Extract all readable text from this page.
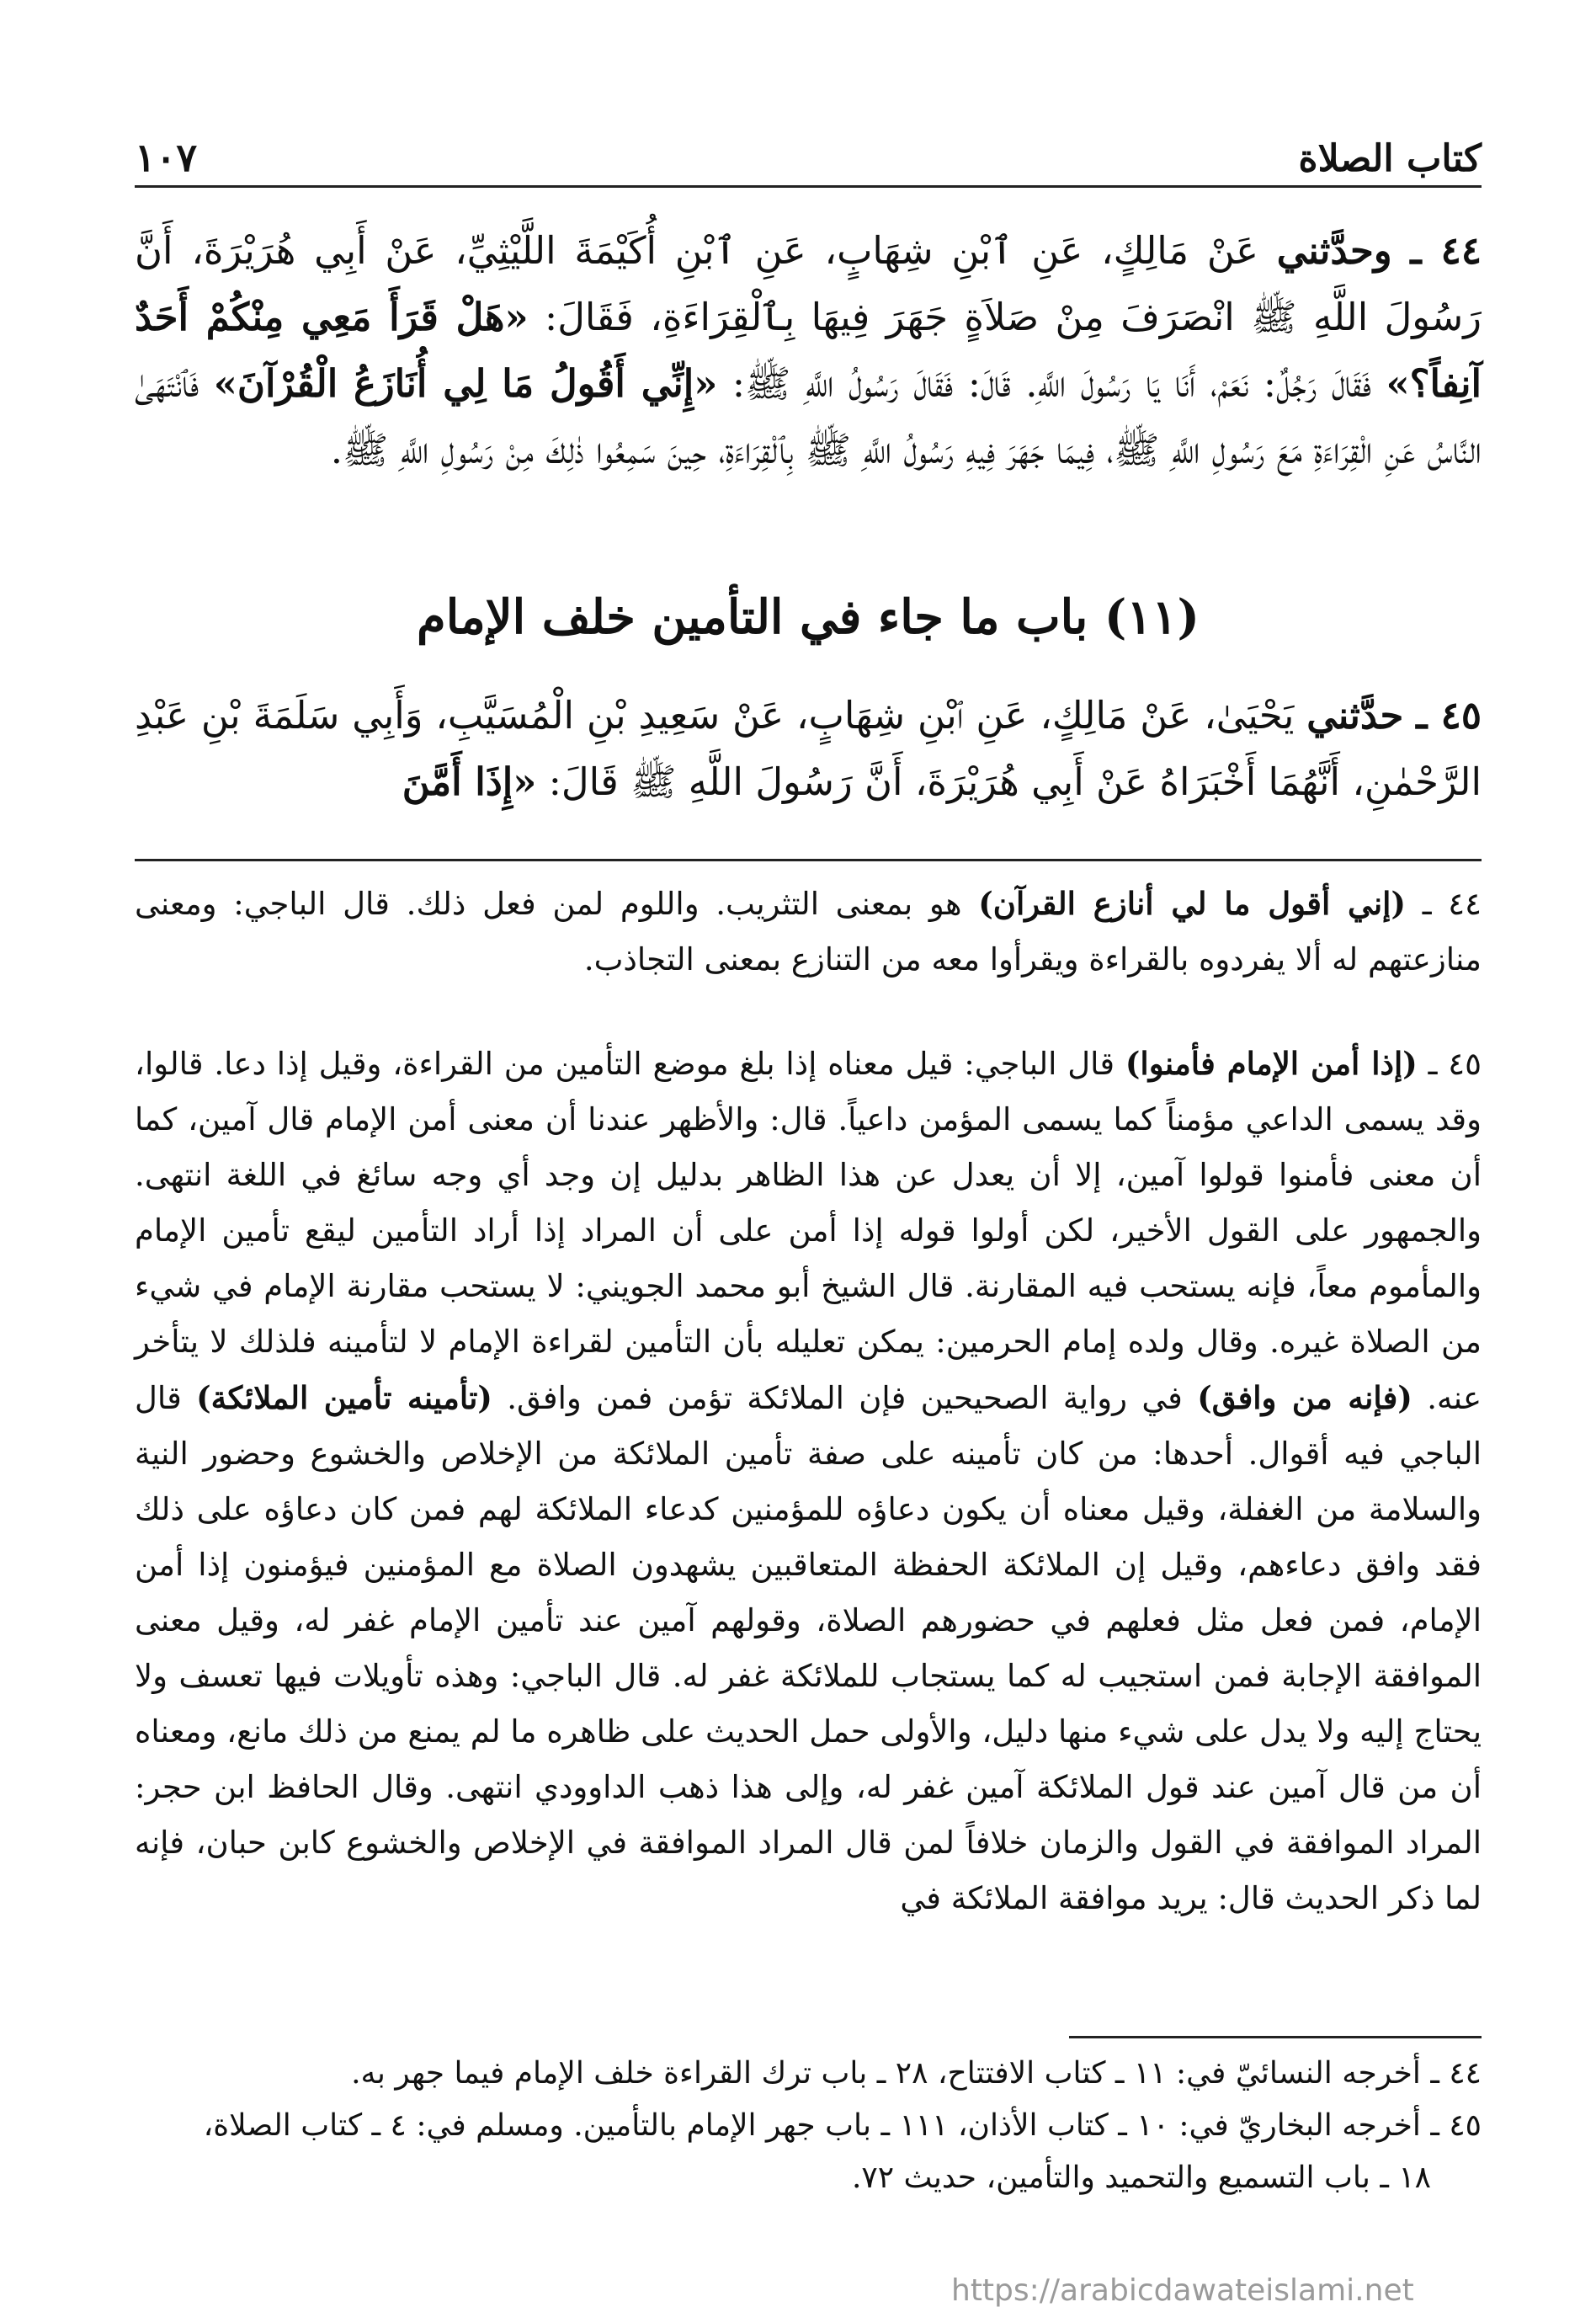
كتاب الصلاة
١٠٧
٤٤ ـ وحدَّثني عَنْ مَالِكٍ، عَنِ ٱبْنِ شِهَابٍ، عَنِ ٱبْنِ أُكَيْمَةَ اللَّيْثِيِّ، عَنْ أَبِي هُرَيْرَةَ، أَنَّ رَسُولَ اللَّهِ ﷺ انْصَرَفَ مِنْ صَلاَةٍ جَهَرَ فِيهَا بِٱلْقِرَاءَةِ، فَقَالَ: «هَلْ قَرَأَ مَعِي مِنْكُمْ أَحَدٌ آنِفاً؟» فَقَالَ رَجُلٌ: نَعَمْ، أَنَا يَا رَسُولَ اللَّهِ. قَالَ: فَقَالَ رَسُولُ اللَّهِ ﷺ: «إِنِّي أَقُولُ مَا لِي أُنَازَعُ الْقُرْآنَ» فَٱنْتَهَىٰ النَّاسُ عَنِ الْقِرَاءَةِ مَعَ رَسُولِ اللَّهِ ﷺ، فِيمَا جَهَرَ فِيهِ رَسُولُ اللَّهِ ﷺ بِٱلْقِرَاءَةِ، حِينَ سَمِعُوا ذٰلِكَ مِنْ رَسُولِ اللَّهِ ﷺ.
(١١) باب ما جاء في التأمين خلف الإمام
٤٥ ـ حدَّثني يَحْيَىٰ، عَنْ مَالِكٍ، عَنِ ٱبْنِ شِهَابٍ، عَنْ سَعِيدِ بْنِ الْمُسَيَّبِ، وَأَبِي سَلَمَةَ بْنِ عَبْدِ الرَّحْمٰنِ، أَنَّهُمَا أَخْبَرَاهُ عَنْ أَبِي هُرَيْرَةَ، أَنَّ رَسُولَ اللَّهِ ﷺ قَالَ: «إِذَا أَمَّنَ
٤٤ ـ (إني أقول ما لي أنازع القرآن) هو بمعنى التثريب. واللوم لمن فعل ذلك. قال الباجي: ومعنى منازعتهم له ألا يفردوه بالقراءة ويقرأوا معه من التنازع بمعنى التجاذب.
٤٥ ـ (إذا أمن الإمام فأمنوا) قال الباجي: قيل معناه إذا بلغ موضع التأمين من القراءة، وقيل إذا دعا. قالوا، وقد يسمى الداعي مؤمناً كما يسمى المؤمن داعياً. قال: والأظهر عندنا أن معنى أمن الإمام قال آمين، كما أن معنى فأمنوا قولوا آمين، إلا أن يعدل عن هذا الظاهر بدليل إن وجد أي وجه سائغ في اللغة انتهى. والجمهور على القول الأخير، لكن أولوا قوله إذا أمن على أن المراد إذا أراد التأمين ليقع تأمين الإمام والمأموم معاً، فإنه يستحب فيه المقارنة. قال الشيخ أبو محمد الجويني: لا يستحب مقارنة الإمام في شيء من الصلاة غيره. وقال ولده إمام الحرمين: يمكن تعليله بأن التأمين لقراءة الإمام لا لتأمينه فلذلك لا يتأخر عنه. (فإنه من وافق) في رواية الصحيحين فإن الملائكة تؤمن فمن وافق. (تأمينه تأمين الملائكة) قال الباجي فيه أقوال. أحدها: من كان تأمينه على صفة تأمين الملائكة من الإخلاص والخشوع وحضور النية والسلامة من الغفلة، وقيل معناه أن يكون دعاؤه للمؤمنين كدعاء الملائكة لهم فمن كان دعاؤه على ذلك فقد وافق دعاءهم، وقيل إن الملائكة الحفظة المتعاقبين يشهدون الصلاة مع المؤمنين فيؤمنون إذا أمن الإمام، فمن فعل مثل فعلهم في حضورهم الصلاة، وقولهم آمين عند تأمين الإمام غفر له، وقيل معنى الموافقة الإجابة فمن استجيب له كما يستجاب للملائكة غفر له. قال الباجي: وهذه تأويلات فيها تعسف ولا يحتاج إليه ولا يدل على شيء منها دليل، والأولى حمل الحديث على ظاهره ما لم يمنع من ذلك مانع، ومعناه أن من قال آمين عند قول الملائكة آمين غفر له، وإلى هذا ذهب الداوودي انتهى. وقال الحافظ ابن حجر: المراد الموافقة في القول والزمان خلافاً لمن قال المراد الموافقة في الإخلاص والخشوع كابن حبان، فإنه لما ذكر الحديث قال: يريد موافقة الملائكة في
٤٤ ـ أخرجه النسائيّ في: ١١ ـ كتاب الافتتاح، ٢٨ ـ باب ترك القراءة خلف الإمام فيما جهر به.
٤٥ ـ أخرجه البخاريّ في: ١٠ ـ كتاب الأذان، ١١١ ـ باب جهر الإمام بالتأمين. ومسلم في: ٤ ـ كتاب الصلاة،
١٨ ـ باب التسميع والتحميد والتأمين، حديث ٧٢.
https://arabicdawateislami.net
